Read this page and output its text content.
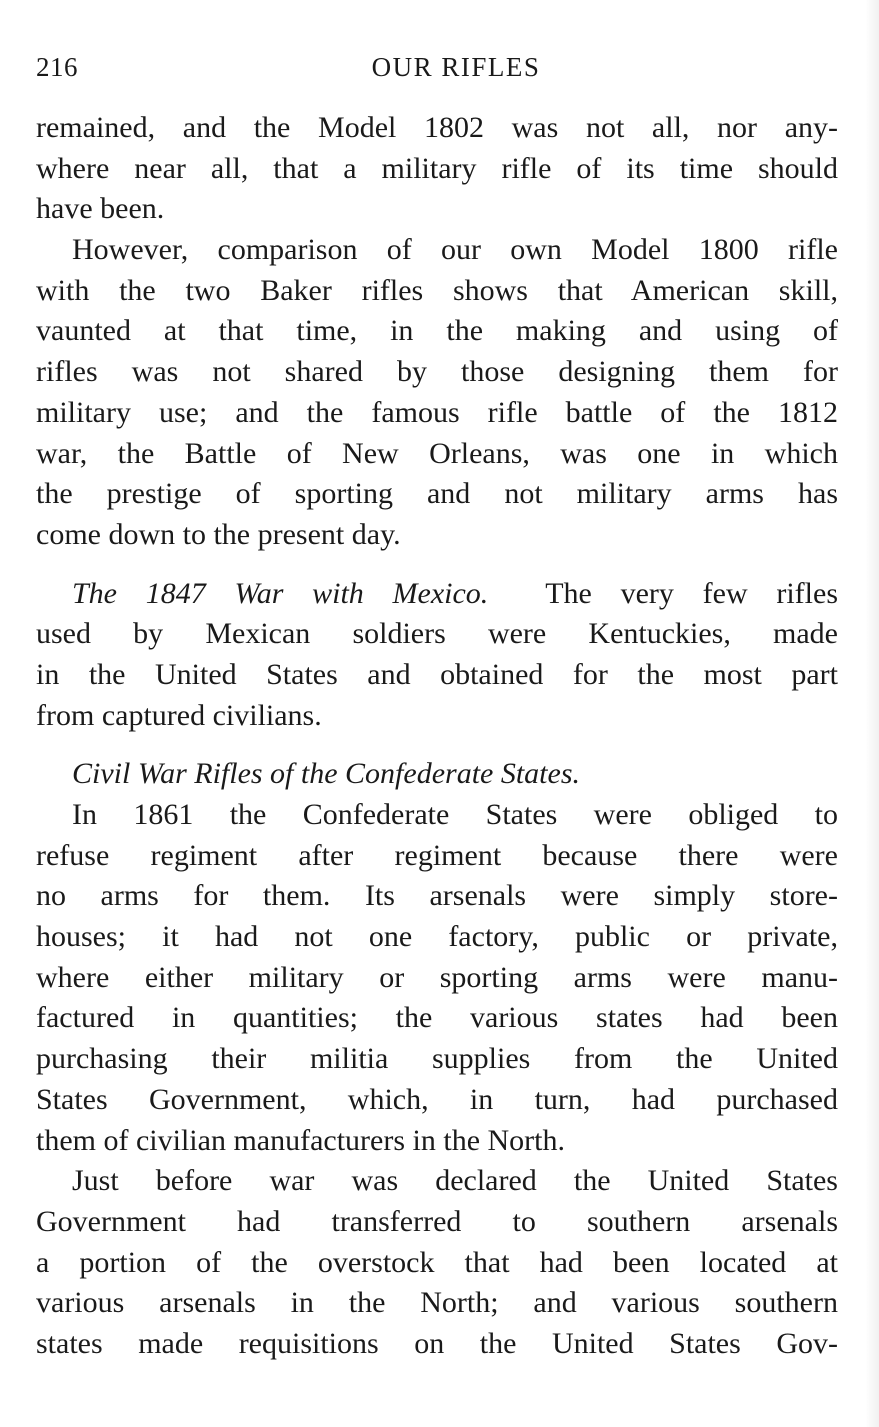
216	OUR RIFLES
remained, and the Model 1802 was not all, nor any-
where near all, that a military rifle of its time should
have been.
However, comparison of our own Model 1800 rifle
with the two Baker rifles shows that American skill,
vaunted at that time, in the making and using of
rifles was not shared by those designing them for
military use; and the famous rifle battle of the 1812
war, the Battle of New Orleans, was one in which
the prestige of sporting and not military arms has
come down to the present day.
The 1847 War with Mexico. The very few rifles
used by Mexican soldiers were Kentuckies, made
in the United States and obtained for the most part
from captured civilians.
Civil War Rifles of the Confederate States.
In 1861 the Confederate States were obliged to
refuse regiment after regiment because there were
no arms for them. Its arsenals were simply store-
houses; it had not one factory, public or private,
where either military or sporting arms were manu-
factured in quantities; the various states had been
purchasing their militia supplies from the United
States Government, which, in turn, had purchased
them of civilian manufacturers in the North.
Just before war was declared the United States
Government had transferred to southern arsenals
a portion of the overstock that had been located at
various arsenals in the North; and various southern
states made requisitions on the United States Gov-
